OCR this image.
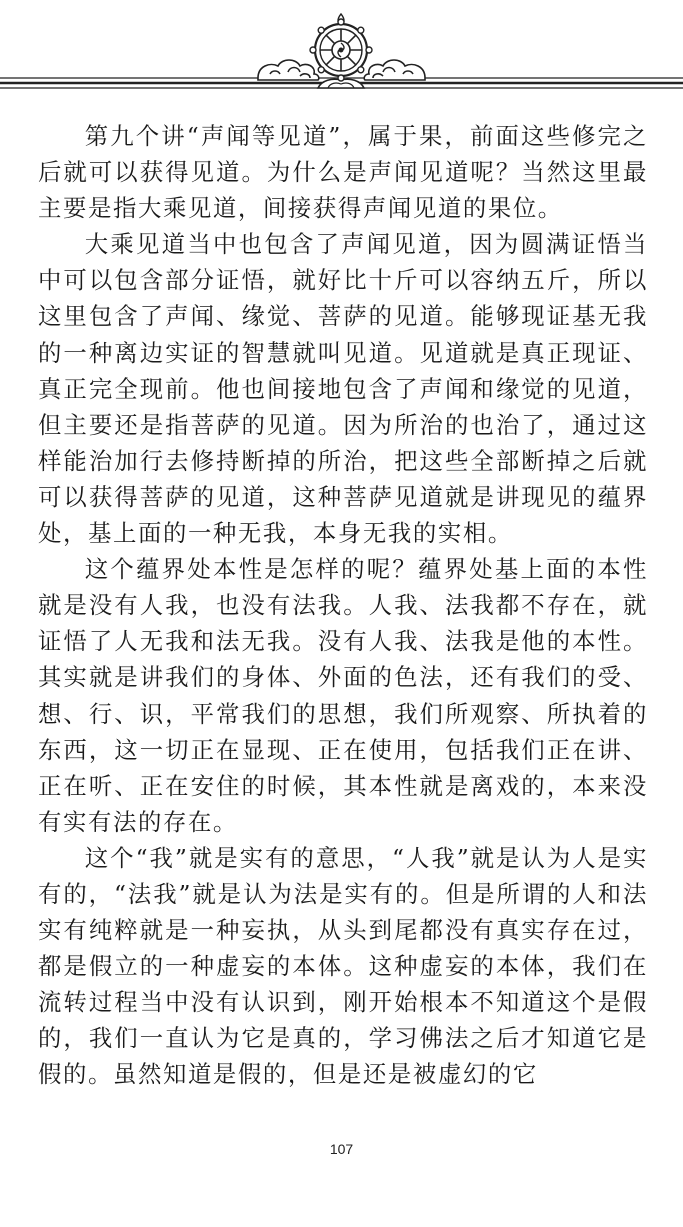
第九个讲“声闻等见道”，属于果，前面这些修完之后就可以获得见道。为什么是声闻见道呢？当然这里最主要是指大乘见道，间接获得声闻见道的果位。

大乘见道当中也包含了声闻见道，因为圆满证悟当中可以包含部分证悟，就好比十斤可以容纳五斤，所以这里包含了声闻、缘觉、菩萨的见道。能够现证基无我的一种离边实证的智慧就叫见道。见道就是真正现证、真正完全现前。他也间接地包含了声闻和缘觉的见道，但主要还是指菩萨的见道。因为所治的也治了，通过这样能治加行去修持断掉的所治，把这些全部断掉之后就可以获得菩萨的见道，这种菩萨见道就是讲现见的蕴界处，基上面的一种无我，本身无我的实相。

这个蕴界处本性是怎样的呢？蕴界处基上面的本性就是没有人我，也没有法我。人我、法我都不存在，就证悟了人无我和法无我。没有人我、法我是他的本性。其实就是讲我们的身体、外面的色法，还有我们的受、想、行、识，平常我们的思想，我们所观察、所执着的东西，这一切正在显现、正在使用，包括我们正在讲、正在听、正在安住的时候，其本性就是离戏的，本来没有实有法的存在。

这个“我”就是实有的意思，“人我”就是认为人是实有的，“法我”就是认为法是实有的。但是所谓的人和法实有纯粹就是一种妄执，从头到尾都没有真实存在过，都是假立的一种虚妄的本体。这种虚妄的本体，我们在流转过程当中没有认识到，刚开始根本不知道这个是假的，我们一直认为它是真的，学习佛法之后才知道它是假的。虽然知道是假的，但是还是被虚幻的它

107
